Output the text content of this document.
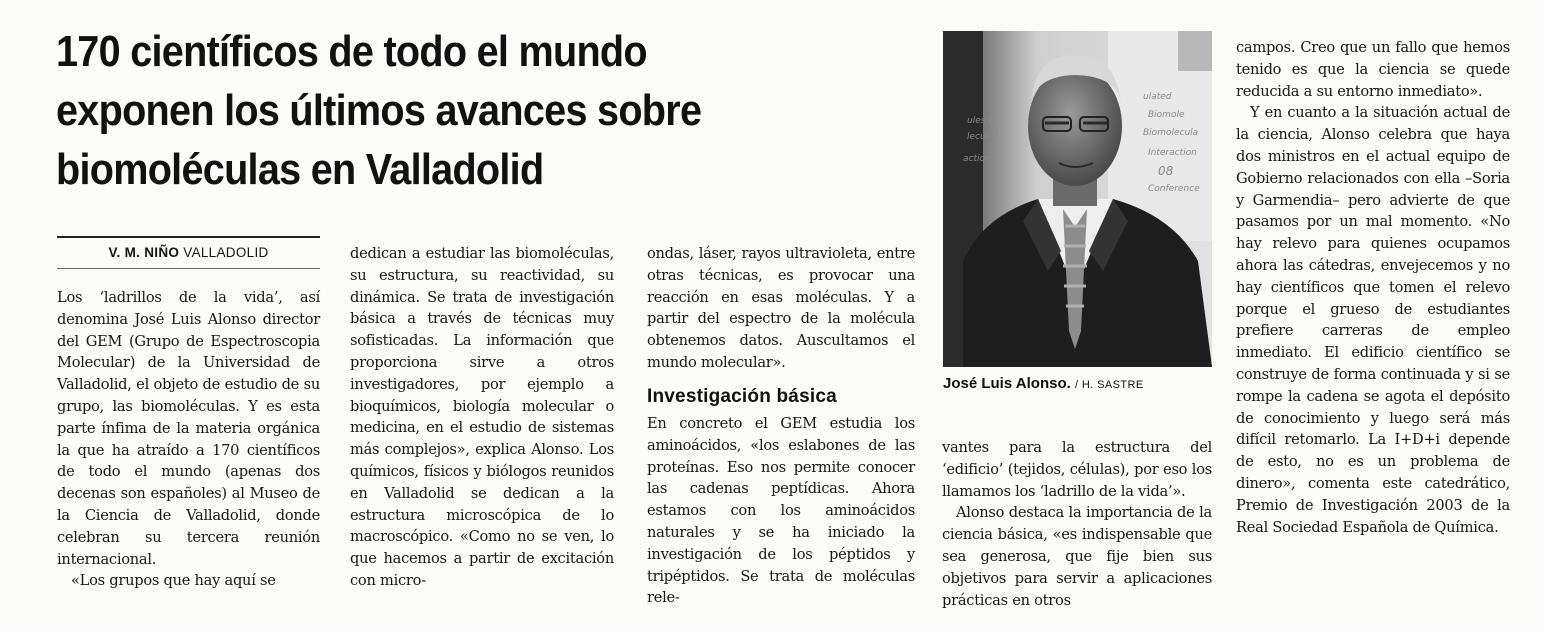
170 científicos de todo el mundo
exponen los últimos avances sobre
biomoléculas en Valladolid
V. M. NIÑO VALLADOLID

Los ‘ladrillos de la vida’, así denomina José Luis Alonso director del GEM (Grupo de Espectroscopia Molecular) de la Universidad de Valladolid, el objeto de estudio de su grupo, las biomoléculas. Y es esta parte ínfima de la materia orgánica la que ha atraído a 170 científicos de todo el mundo (apenas dos decenas son españoles) al Museo de la Ciencia de Valladolid, donde celebran su tercera reunión internacional.

«Los grupos que hay aquí se

dedican a estudiar las biomoléculas, su estructura, su reactividad, su dinámica. Se trata de investigación básica a través de técnicas muy sofisticadas. La información que proporciona sirve a otros investigadores, por ejemplo a bioquímicos, biología molecular o medicina, en el estudio de sistemas más complejos», explica Alonso. Los químicos, físicos y biólogos reunidos en Valladolid se dedican a la estructura microscópica de lo macroscópico. «Como no se ven, lo que hacemos a partir de excitación con micro-

ondas, láser, rayos ultravioleta, entre otras técnicas, es provocar una reacción en esas moléculas. Y a partir del espectro de la molécula obtenemos datos. Auscultamos el mundo molecular».

Investigación básica

En concreto el GEM estudia los aminoácidos, «los eslabones de las proteínas. Eso nos permite conocer las cadenas peptídicas. Ahora estamos con los aminoácidos naturales y se ha iniciado la investigación de los péptidos y tripéptidos. Se trata de moléculas rele-

ulated
Biomole
ules &
lecular	Biomolecula
actions
Interaction
08
Conference
José Luis Alonso. / H. SASTRE

vantes para la estructura del ‘edificio’ (tejidos, células), por eso los llamamos los ‘ladrillo de la vida’».

Alonso destaca la importancia de la ciencia básica, «es indispensable que sea generosa, que fije bien sus objetivos para servir a aplicaciones prácticas en otros

campos. Creo que un fallo que hemos tenido es que la ciencia se quede reducida a su entorno inmediato».

Y en cuanto a la situación actual de la ciencia, Alonso celebra que haya dos ministros en el actual equipo de Gobierno relacionados con ella –Soria y Garmendia– pero advierte de que pasamos por un mal momento. «No hay relevo para quienes ocupamos ahora las cátedras, envejecemos y no hay científicos que tomen el relevo porque el grueso de estudiantes prefiere carreras de empleo inmediato. El edificio científico se construye de forma continuada y si se rompe la cadena se agota el depósito de conocimiento y luego será más difícil retomarlo. La I+D+i depende de esto, no es un problema de dinero», comenta este catedrático, Premio de Investigación 2003 de la Real Sociedad Española de Química.
